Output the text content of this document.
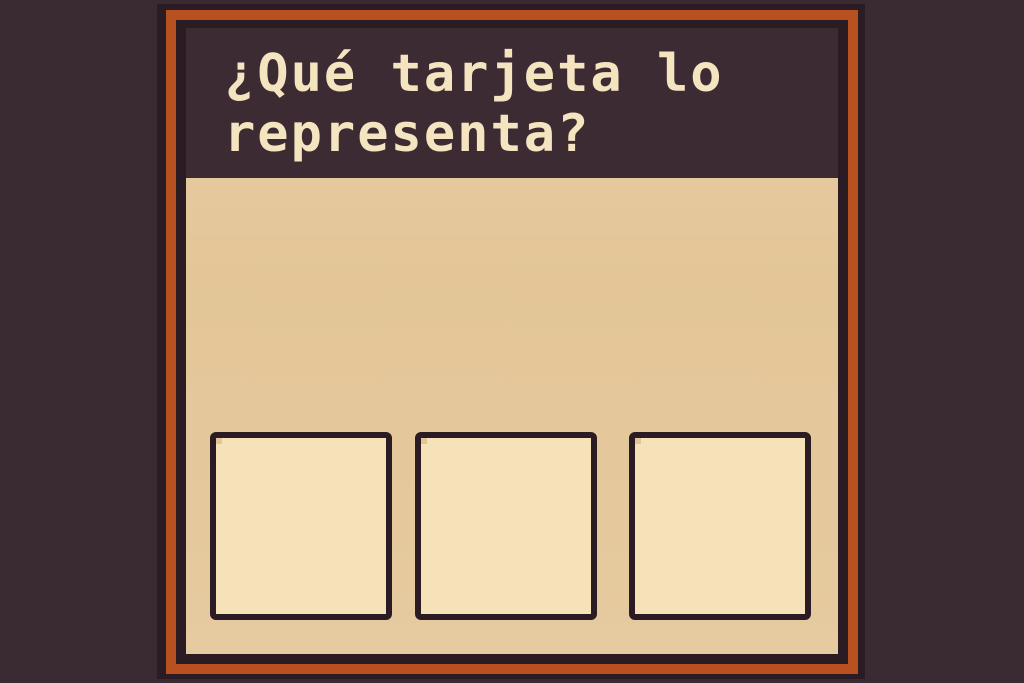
¿Qué tarjeta lo representa?
